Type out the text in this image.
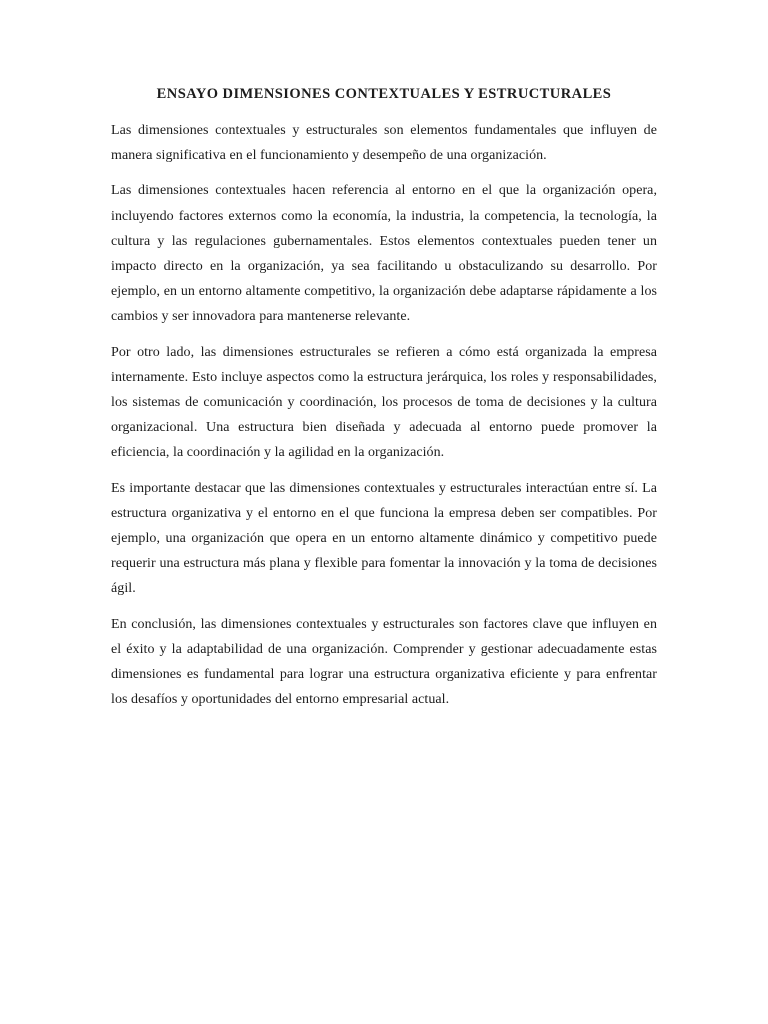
ENSAYO DIMENSIONES CONTEXTUALES Y ESTRUCTURALES

Las dimensiones contextuales y estructurales son elementos fundamentales que influyen de manera significativa en el funcionamiento y desempeño de una organización.

Las dimensiones contextuales hacen referencia al entorno en el que la organización opera, incluyendo factores externos como la economía, la industria, la competencia, la tecnología, la cultura y las regulaciones gubernamentales. Estos elementos contextuales pueden tener un impacto directo en la organización, ya sea facilitando u obstaculizando su desarrollo. Por ejemplo, en un entorno altamente competitivo, la organización debe adaptarse rápidamente a los cambios y ser innovadora para mantenerse relevante.

Por otro lado, las dimensiones estructurales se refieren a cómo está organizada la empresa internamente. Esto incluye aspectos como la estructura jerárquica, los roles y responsabilidades, los sistemas de comunicación y coordinación, los procesos de toma de decisiones y la cultura organizacional. Una estructura bien diseñada y adecuada al entorno puede promover la eficiencia, la coordinación y la agilidad en la organización.

Es importante destacar que las dimensiones contextuales y estructurales interactúan entre sí. La estructura organizativa y el entorno en el que funciona la empresa deben ser compatibles. Por ejemplo, una organización que opera en un entorno altamente dinámico y competitivo puede requerir una estructura más plana y flexible para fomentar la innovación y la toma de decisiones ágil.

En conclusión, las dimensiones contextuales y estructurales son factores clave que influyen en el éxito y la adaptabilidad de una organización. Comprender y gestionar adecuadamente estas dimensiones es fundamental para lograr una estructura organizativa eficiente y para enfrentar los desafíos y oportunidades del entorno empresarial actual.
